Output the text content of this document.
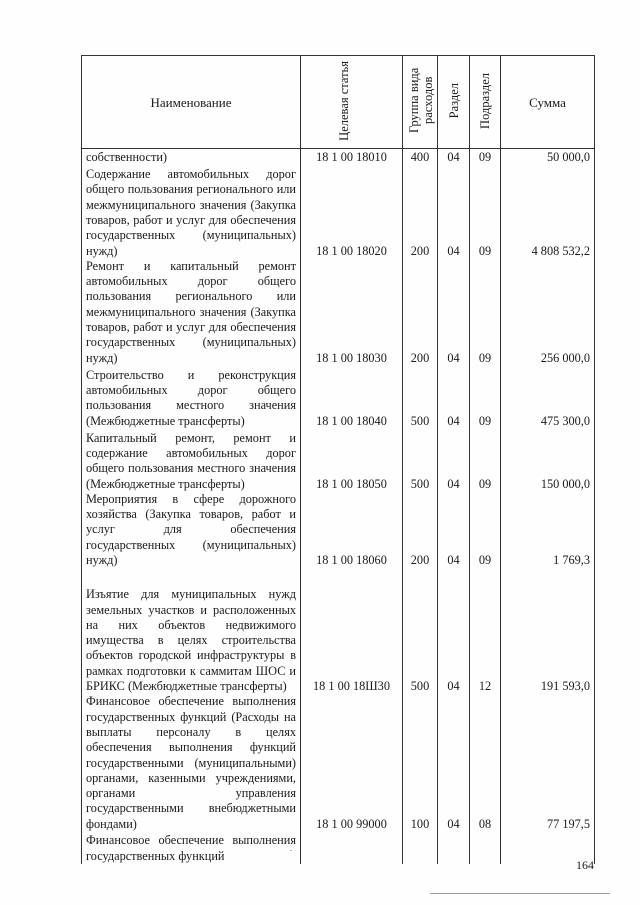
Наименование	Целевая статья	Группа вида расходов	Раздел	Подраздел	Сумма
собственности)	18 1 00 18010	400	04	09	50 000,0
Содержание автомобильных дорог общего пользования регионального или межмуниципального значения (Закупка товаров, работ и услуг для обеспечения государственных (муниципальных) нужд)	18 1 00 18020	200	04	09	4 808 532,2
Ремонт и капитальный ремонт автомобильных дорог общего пользования регионального или межмуниципального значения (Закупка товаров, работ и услуг для обеспечения государственных (муниципальных) нужд)	18 1 00 18030	200	04	09	256 000,0
Строительство и реконструкция автомобильных дорог общего пользования местного значения (Межбюджетные трансферты)	18 1 00 18040	500	04	09	475 300,0
Капитальный ремонт, ремонт и содержание автомобильных дорог общего пользования местного значения (Межбюджетные трансферты)	18 1 00 18050	500	04	09	150 000,0
Мероприятия в сфере дорожного хозяйства (Закупка товаров, работ и услуг для обеспечения государственных (муниципальных) нужд)	18 1 00 18060	200	04	09	1 769,3
Изъятие для муниципальных нужд земельных участков и расположенных на них объектов недвижимого имущества в целях строительства объектов городской инфраструктуры в рамках подготовки к саммитам ШОС и БРИКС (Межбюджетные трансферты)	18 1 00 18Ш30	500	04	12	191 593,0
Финансовое обеспечение выполнения государственных функций (Расходы на выплаты персоналу в целях обеспечения выполнения функций государственными (муниципальными) органами, казенными учреждениями, органами управления государственными внебюджетными фондами)	18 1 00 99000	100	04	08	77 197,5
Финансовое обеспечение выполнения государственных функций					
164
